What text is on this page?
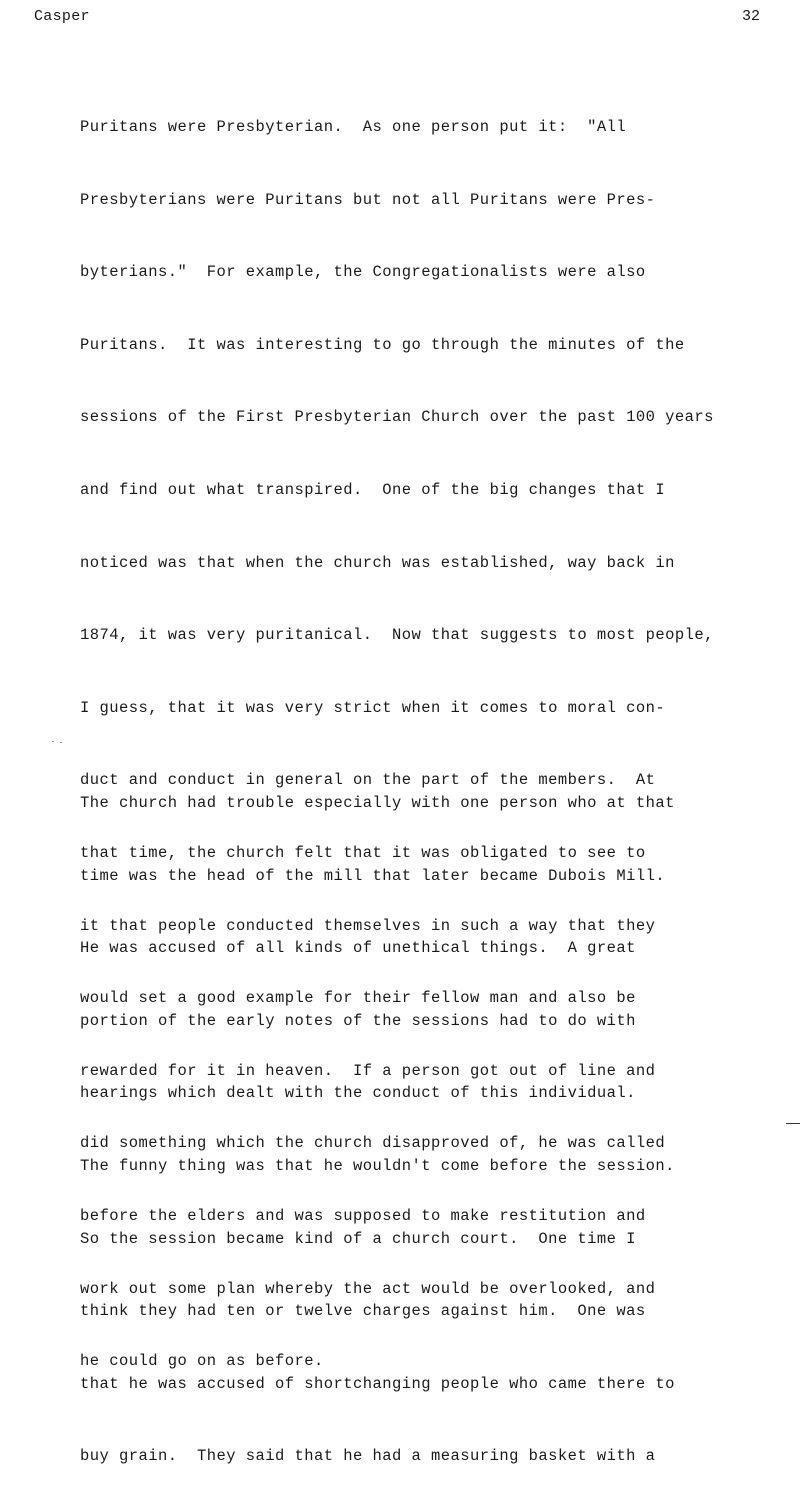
Casper	32

Puritans were Presbyterian.  As one person put it:  "All

Presbyterians were Puritans but not all Puritans were Pres-

byterians."  For example, the Congregationalists were also

Puritans.  It was interesting to go through the minutes of the

sessions of the First Presbyterian Church over the past 100 years

and find out what transpired.  One of the big changes that I

noticed was that when the church was established, way back in

1874, it was very puritanical.  Now that suggests to most people,

I guess, that it was very strict when it comes to moral con-

duct and conduct in general on the part of the members.  At

that time, the church felt that it was obligated to see to

it that people conducted themselves in such a way that they

would set a good example for their fellow man and also be

rewarded for it in heaven.  If a person got out of line and

did something which the church disapproved of, he was called

before the elders and was supposed to make restitution and

work out some plan whereby the act would be overlooked, and

he could go on as before.

The church had trouble especially with one person who at that

time was the head of the mill that later became Dubois Mill.

He was accused of all kinds of unethical things.  A great

portion of the early notes of the sessions had to do with

hearings which dealt with the conduct of this individual.

The funny thing was that he wouldn't come before the session.

So the session became kind of a church court.  One time I

think they had ten or twelve charges against him.  One was

that he was accused of shortchanging people who came there to

buy grain.  They said that he had a measuring basket with a
